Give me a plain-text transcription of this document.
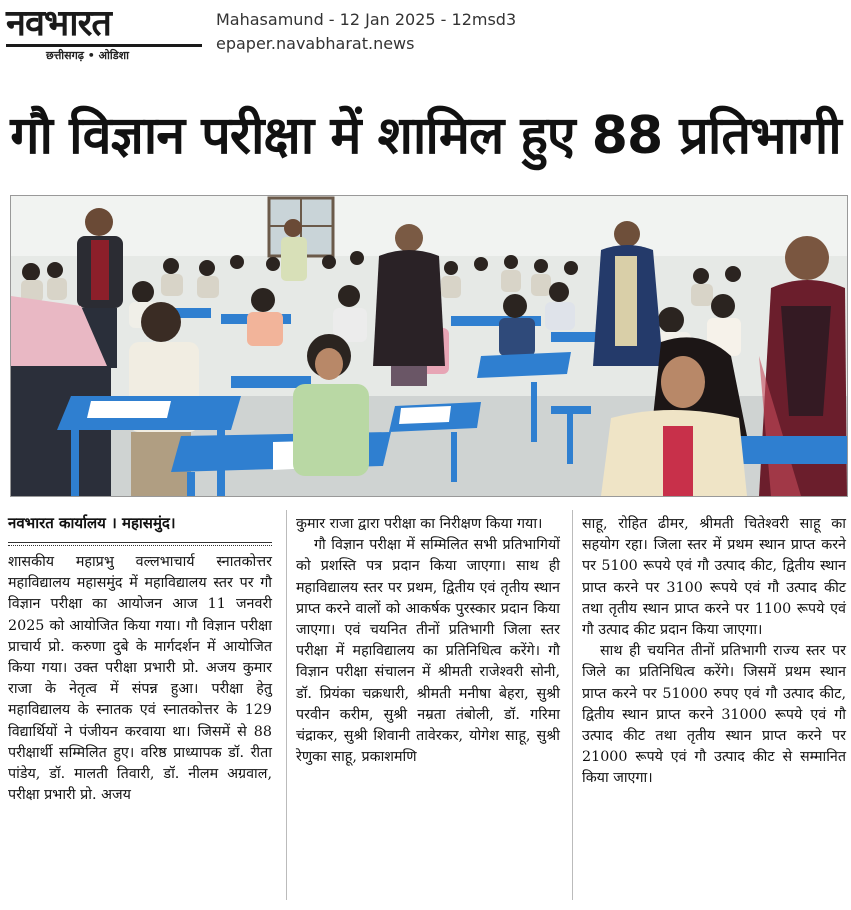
नवभारत
छत्तीसगढ़ • ओडिशा
Mahasamund - 12 Jan 2025 - 12msd3
epaper.navabharat.news
गौ विज्ञान परीक्षा में शामिल हुए 88 प्रतिभागी
नवभारत कार्यालय । महासमुंद।

शासकीय महाप्रभु वल्लभाचार्य स्नातकोत्तर महाविद्यालय महासमुंद में महाविद्यालय स्तर पर गौ विज्ञान परीक्षा का आयोजन आज 11 जनवरी 2025 को आयोजित किया गया। गौ विज्ञान परीक्षा प्राचार्य प्रो. करुणा दुबे के मार्गदर्शन में आयोजित किया गया। उक्त परीक्षा प्रभारी प्रो. अजय कुमार राजा के नेतृत्व में संपन्न हुआ। परीक्षा हेतु महाविद्यालय के स्नातक एवं स्नातकोत्तर के 129 विद्यार्थियों ने पंजीयन करवाया था। जिसमें से 88 परीक्षार्थी सम्मिलित हुए। वरिष्ठ प्राध्यापक डॉ. रीता पांडेय, डॉ. मालती तिवारी, डॉ. नीलम अग्रवाल, परीक्षा प्रभारी प्रो. अजय

कुमार राजा द्वारा परीक्षा का निरीक्षण किया गया।

गौ विज्ञान परीक्षा में सम्मिलित सभी प्रतिभागियों को प्रशस्ति पत्र प्रदान किया जाएगा। साथ ही महाविद्यालय स्तर पर प्रथम, द्वितीय एवं तृतीय स्थान प्राप्त करने वालों को आकर्षक पुरस्कार प्रदान किया जाएगा। एवं चयनित तीनों प्रतिभागी जिला स्तर परीक्षा में महाविद्यालय का प्रतिनिधित्व करेंगे। गौ विज्ञान परीक्षा संचालन में श्रीमती राजेश्वरी सोनी, डॉ. प्रियंका चक्रधारी, श्रीमती मनीषा बेहरा, सुश्री परवीन करीम, सुश्री नम्रता तंबोली, डॉ. गरिमा चंद्राकर, सुश्री शिवानी तावेरकर, योगेश साहू, सुश्री रेणुका साहू, प्रकाशमणि

साहू, रोहित ढीमर, श्रीमती चितेश्वरी साहू का सहयोग रहा। जिला स्तर में प्रथम स्थान प्राप्त करने पर 5100 रूपये एवं गौ उत्पाद कीट, द्वितीय स्थान प्राप्त करने पर 3100 रूपये एवं गौ उत्पाद कीट तथा तृतीय स्थान प्राप्त करने पर 1100 रूपये एवं गौ उत्पाद कीट प्रदान किया जाएगा।

साथ ही चयनित तीनों प्रतिभागी राज्य स्तर पर जिले का प्रतिनिधित्व करेंगे। जिसमें प्रथम स्थान प्राप्त करने पर 51000 रुपए एवं गौ उत्पाद कीट, द्वितीय स्थान प्राप्त करने 31000 रूपये एवं गौ उत्पाद कीट तथा तृतीय स्थान प्राप्त करने पर 21000 रूपये एवं गौ उत्पाद कीट से सम्मानित किया जाएगा।
